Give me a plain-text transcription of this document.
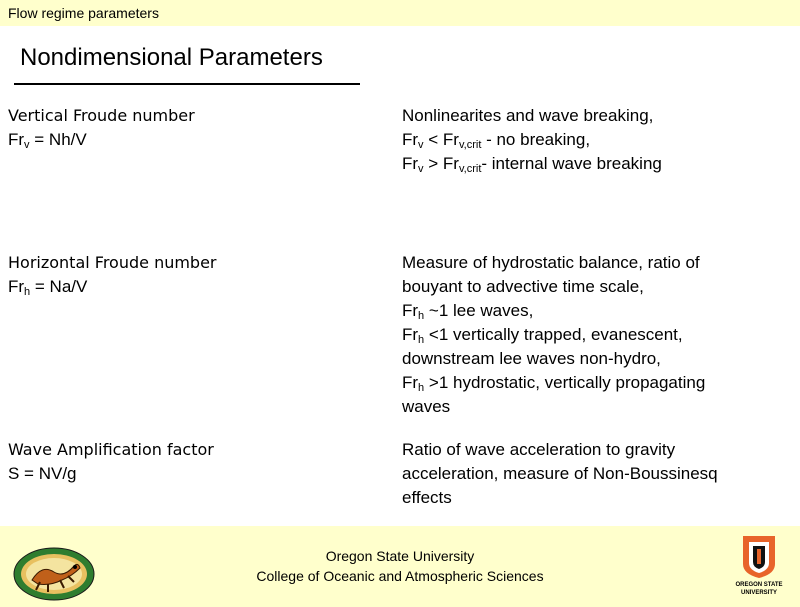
Flow regime parameters
Nondimensional Parameters
Vertical Froude number
$Fr_v = Nh/V$
Nonlinearites and wave breaking,
$Fr_v < Fr_{v,crit}$ - no breaking,
$Fr_v > Fr_{v,crit}-$ internal wave breaking
Horizontal Froude number
$Fr_h = Na/V$
Measure of hydrostatic balance, ratio of
bouyant to advective time scale,
$Fr_h$ ~1 lee waves,
$Fr_h <1$ vertically trapped, evanescent,
downstream lee waves non-hydro,
$Fr_h >1$ hydrostatic, vertically propagating
waves
Wave Amplification factor
S = NV/g
Ratio of wave acceleration to gravity
acceleration, measure of Non-Boussinesq
effects
Oregon State University
College of Oceanic and Atmospheric Sciences
OREGON STATE
UNIVERSITY
